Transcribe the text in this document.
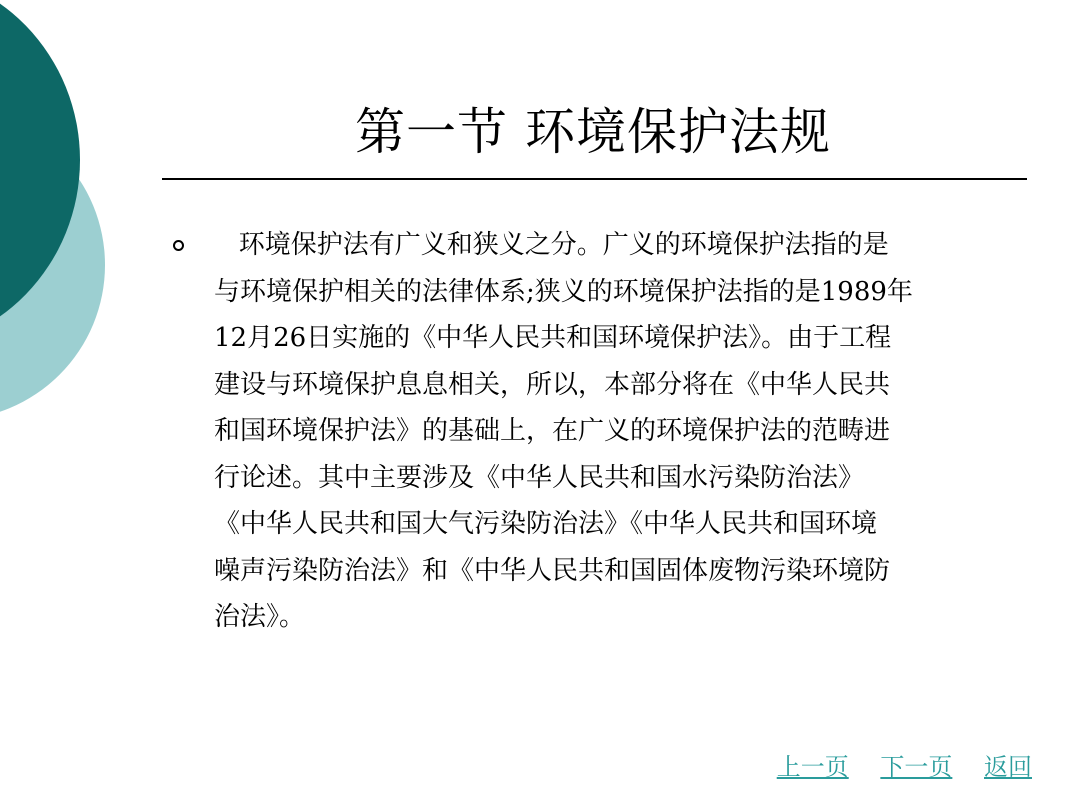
第一节 环境保护法规

环境保护法有广义和狭义之分。广义的环境保护法指的是
与环境保护相关的法律体系;狭义的环境保护法指的是1989年
12月26日实施的《中华人民共和国环境保护法》。由于工程
建设与环境保护息息相关，所以，本部分将在《中华人民共
和国环境保护法》的基础上，在广义的环境保护法的范畴进
行论述。其中主要涉及《中华人民共和国水污染防治法》
《中华人民共和国大气污染防治法》《中华人民共和国环境
噪声污染防治法》和《中华人民共和国固体废物污染环境防
治法》。

上一页 下一页 返回
